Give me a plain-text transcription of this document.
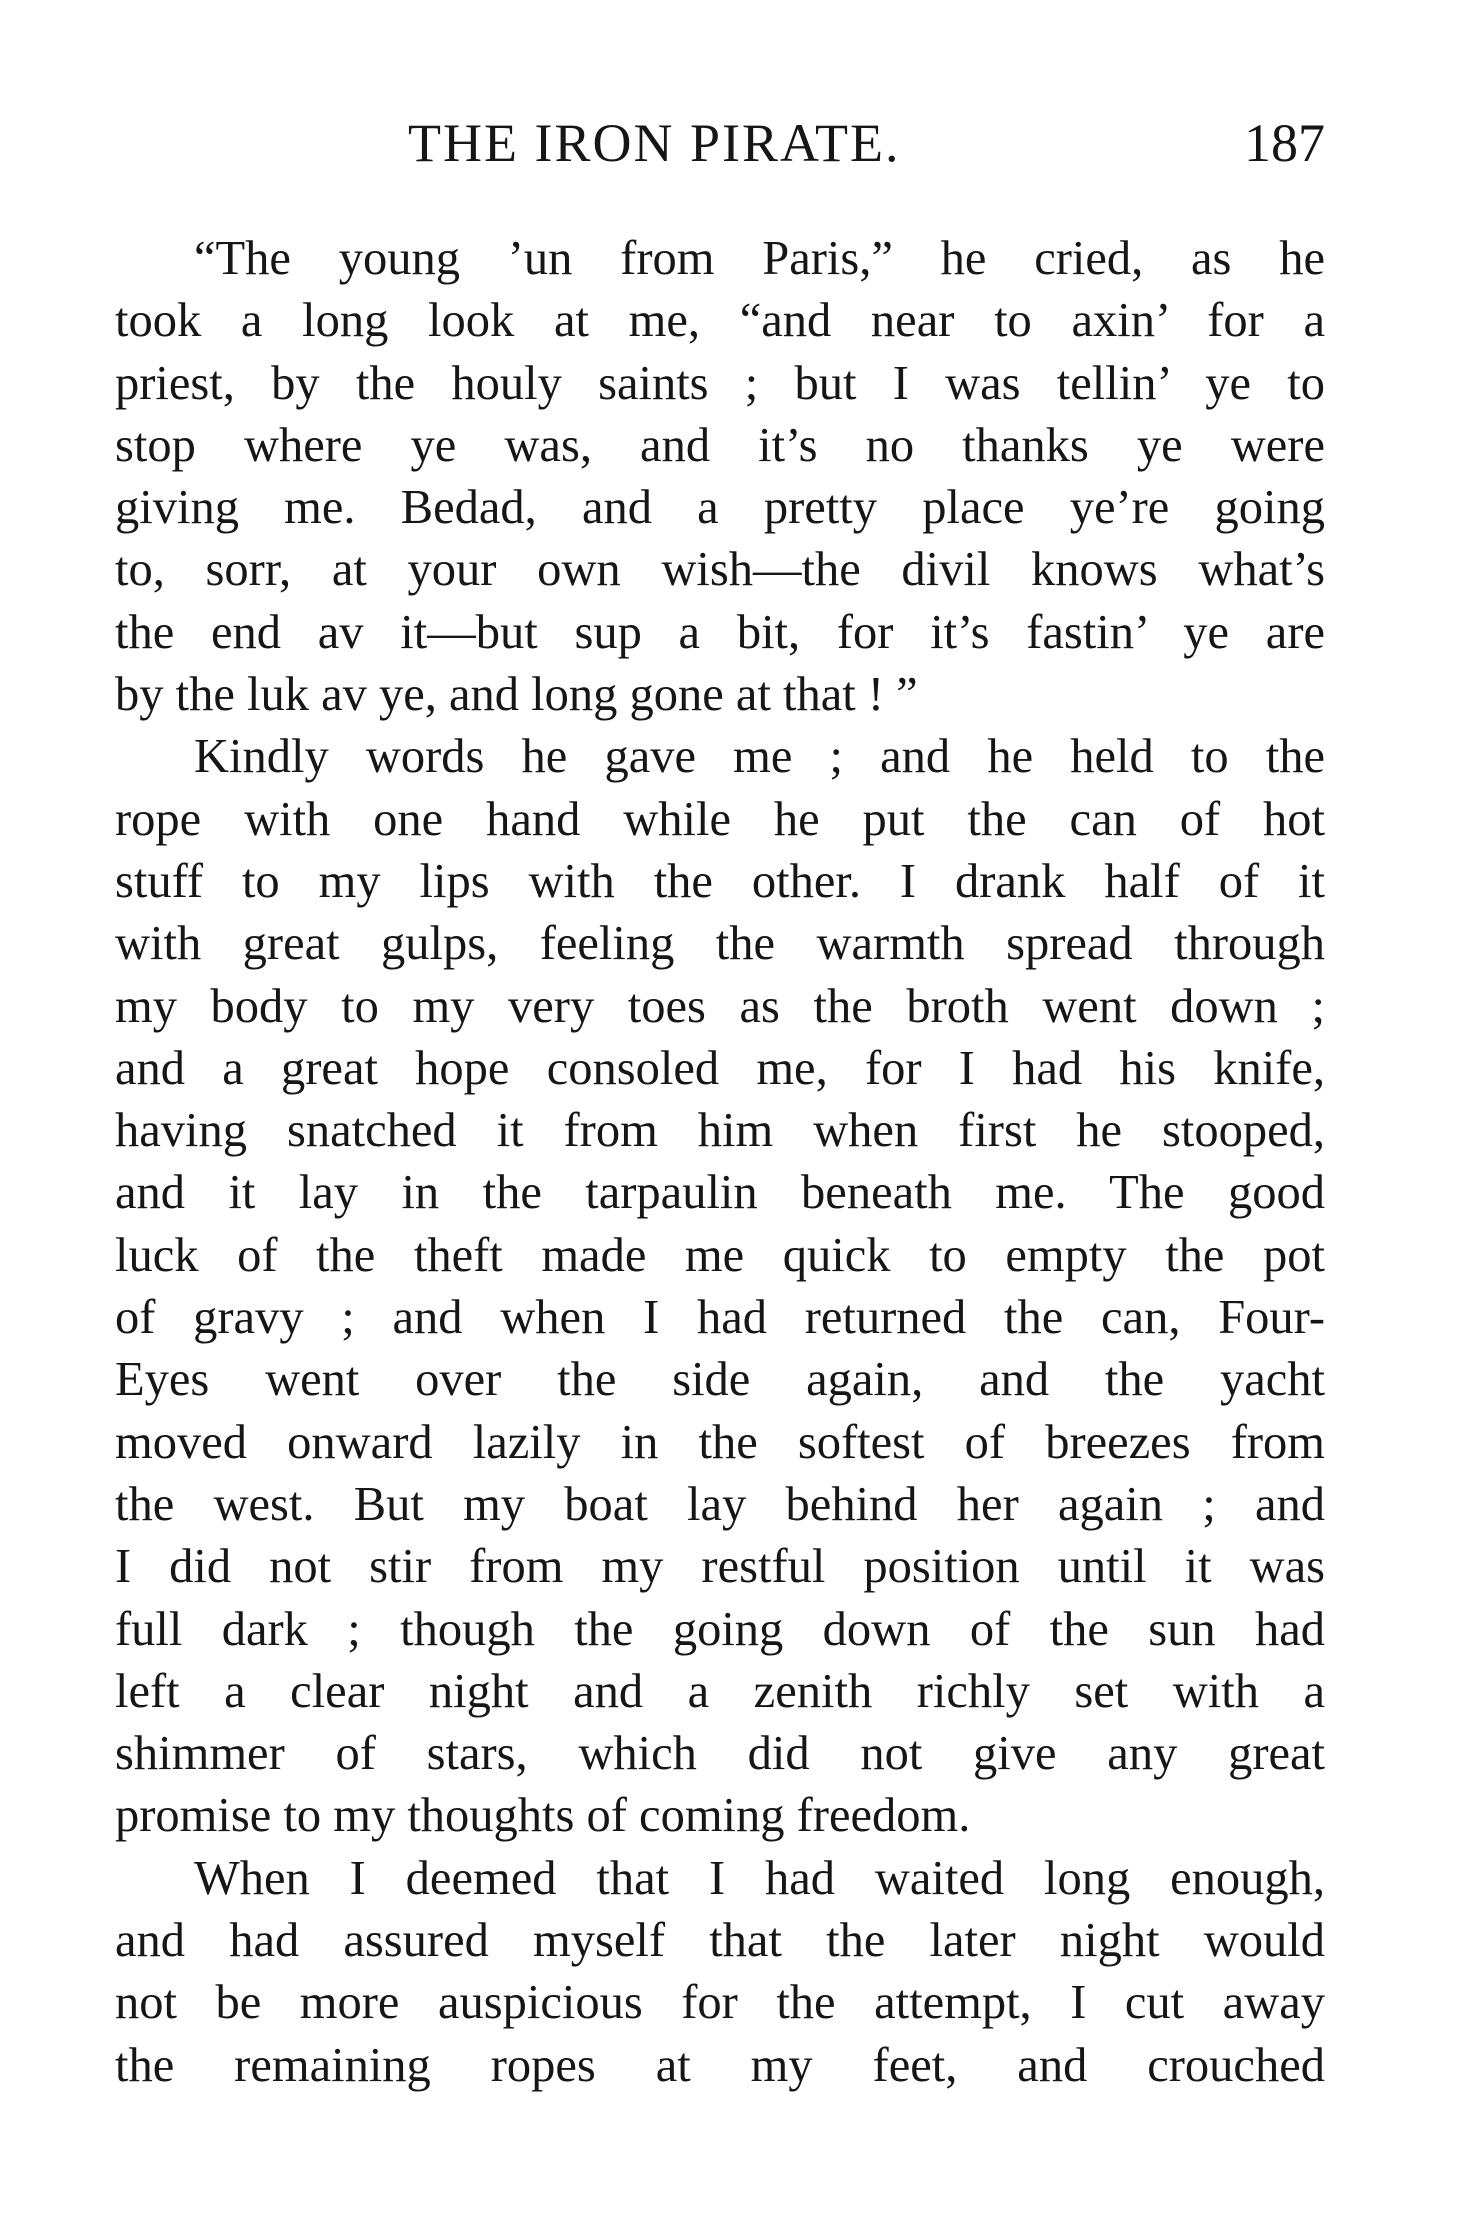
THE IRON PIRATE.	187
“The young ’un from Paris,” he cried, as he
took a long look at me, “and near to axin’ for a
priest, by the houly saints ; but I was tellin’ ye to
stop where ye was, and it’s no thanks ye were
giving me. Bedad, and a pretty place ye’re going
to, sorr, at your own wish—the divil knows what’s
the end av it—but sup a bit, for it’s fastin’ ye are
by the luk av ye, and long gone at that ! ”
Kindly words he gave me ; and he held to the
rope with one hand while he put the can of hot
stuff to my lips with the other. I drank half of it
with great gulps, feeling the warmth spread through
my body to my very toes as the broth went down ;
and a great hope consoled me, for I had his knife,
having snatched it from him when first he stooped,
and it lay in the tarpaulin beneath me. The good
luck of the theft made me quick to empty the pot
of gravy ; and when I had returned the can, Four-
Eyes went over the side again, and the yacht
moved onward lazily in the softest of breezes from
the west. But my boat lay behind her again ; and
I did not stir from my restful position until it was
full dark ; though the going down of the sun had
left a clear night and a zenith richly set with a
shimmer of stars, which did not give any great
promise to my thoughts of coming freedom.
When I deemed that I had waited long enough,
and had assured myself that the later night would
not be more auspicious for the attempt, I cut away
the remaining ropes at my feet, and crouched
